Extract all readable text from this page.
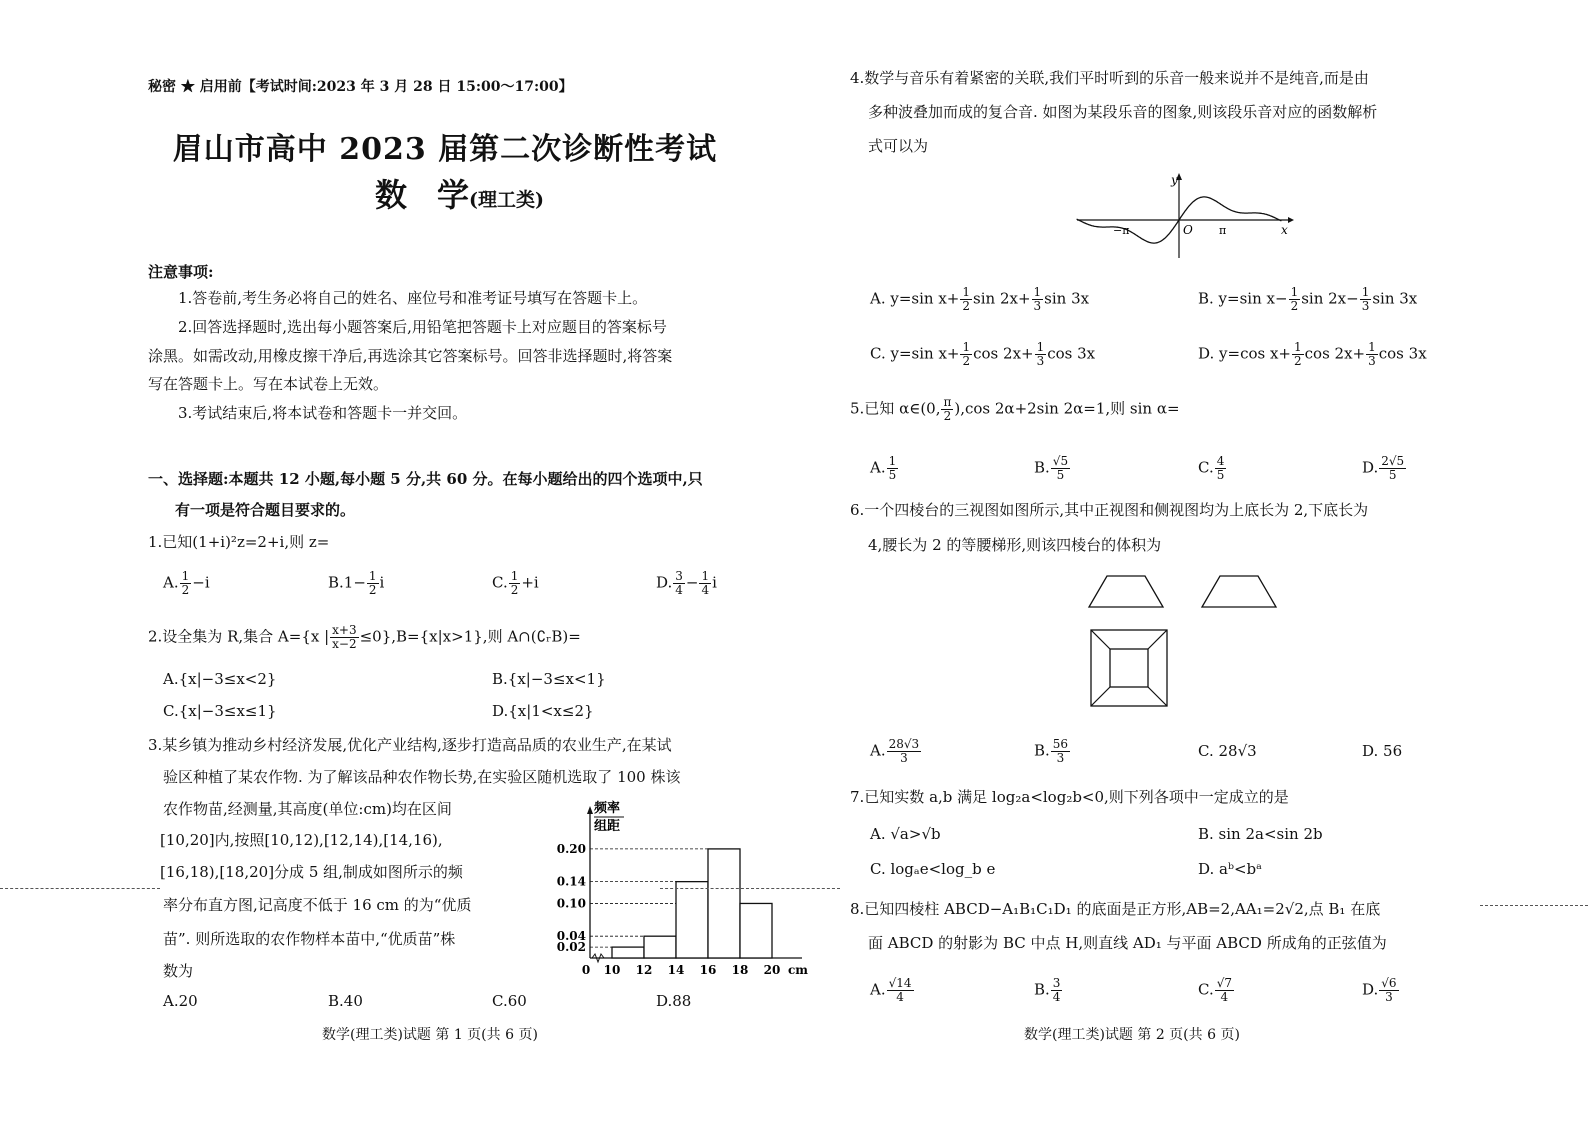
秘密 ★ 启用前【考试时间:2023 年 3 月 28 日 15:00～17:00】
眉山市高中 2023 届第二次诊断性考试
数 学(理工类)
注意事项:
1.答卷前,考生务必将自己的姓名、座位号和准考证号填写在答题卡上。
2.回答选择题时,选出每小题答案后,用铅笔把答题卡上对应题目的答案标号
涂黑。如需改动,用橡皮擦干净后,再选涂其它答案标号。回答非选择题时,将答案
写在答题卡上。写在本试卷上无效。
3.考试结束后,将本试卷和答题卡一并交回。
一、选择题:本题共 12 小题,每小题 5 分,共 60 分。在每小题给出的四个选项中,只
有一项是符合题目要求的。
1.已知(1+i)²z=2+i,则 z=
A. $\frac{1}{2} -i$	$B.1- \frac{1}{2}$ i	C. $\frac{1}{2} +i$	D. $\frac{3}{4} - \frac{1}{4}$ i
2.设全集为 R,集合 A={x | $\frac{x+3}{x-2} \le 0\},B=\{x|x>1\}$,则 A∩(∁ᵣB)=
A.{x|−3≤x<2}	B.{x|−3≤x<1}
C.{x|−3≤x≤1}	D.{x|1<x≤2}
3.某乡镇为推动乡村经济发展,优化产业结构,逐步打造高品质的农业生产,在某试
验区种植了某农作物. 为了解该品种农作物长势,在实验区随机选取了 100 株该
农作物苗,经测量,其高度(单位:cm)均在区间
[10,20]内,按照[10,12),[12,14),[14,16),
[16,18),[18,20]分成 5 组,制成如图所示的频
率分布直方图,记高度不低于 16 cm 的为“优质
苗”. 则所选取的农作物样本苗中,“优质苗”株
数为
A.20	B.40	C.60	D.88
0.20
0.14
0.10
0.04
0.02
0 10 12 14 16 18 20 cm
频率
组距
数学(理工类)试题 第 1 页(共 6 页)
4.数学与音乐有着紧密的关联,我们平时听到的乐音一般来说并不是纯音,而是由
多种波叠加而成的复合音. 如图为某段乐音的图象,则该段乐音对应的函数解析
式可以为
y
x
O
−π	π
A. y=sin $x+ \frac{1}{2}$ $\sin 2x+ \frac{1}{3}$ sin 3x	B. y=sin $x- \frac{1}{2}$ $\sin 2x- \frac{1}{3}$ sin 3x
C. y=sin $x+ \frac{1}{2}$ $\cos 2x+ \frac{1}{3}$ cos 3x	D. y=cos $x+ \frac{1}{2}$ $\cos 2x+ \frac{1}{3}$ cos 3x
5.已知 α∈(0, $\frac{\pi}{2} ),\cos$ 2α+2sin 2α=1,则 sin α=
A. $\frac{1}{5}$	B. $\frac{√5}{5}$	C. $\frac{4}{5}$	D. $\frac{2√5}{5}$
6.一个四棱台的三视图如图所示,其中正视图和侧视图均为上底长为 2,下底长为
4,腰长为 2 的等腰梯形,则该四棱台的体积为
A. $\frac{28√3}{3}$	B. $\frac{56}{3}$	C. 28√3	D. 56
7.已知实数 a,b 满足 log₂a<log₂b<0,则下列各项中一定成立的是
A. √a>√b	B. sin 2a<sin 2b
C. logₐe<log_b e	D. aᵇ<bᵃ
8.已知四棱柱 ABCD−A₁B₁C₁D₁ 的底面是正方形,AB=2,AA₁=2√2,点 B₁ 在底
面 ABCD 的射影为 BC 中点 H,则直线 AD₁ 与平面 ABCD 所成角的正弦值为
A. $\frac{√14}{4}$	B. $\frac{3}{4}$	C. $\frac{√7}{4}$	D. $\frac{√6}{3}$
数学(理工类)试题 第 2 页(共 6 页)
